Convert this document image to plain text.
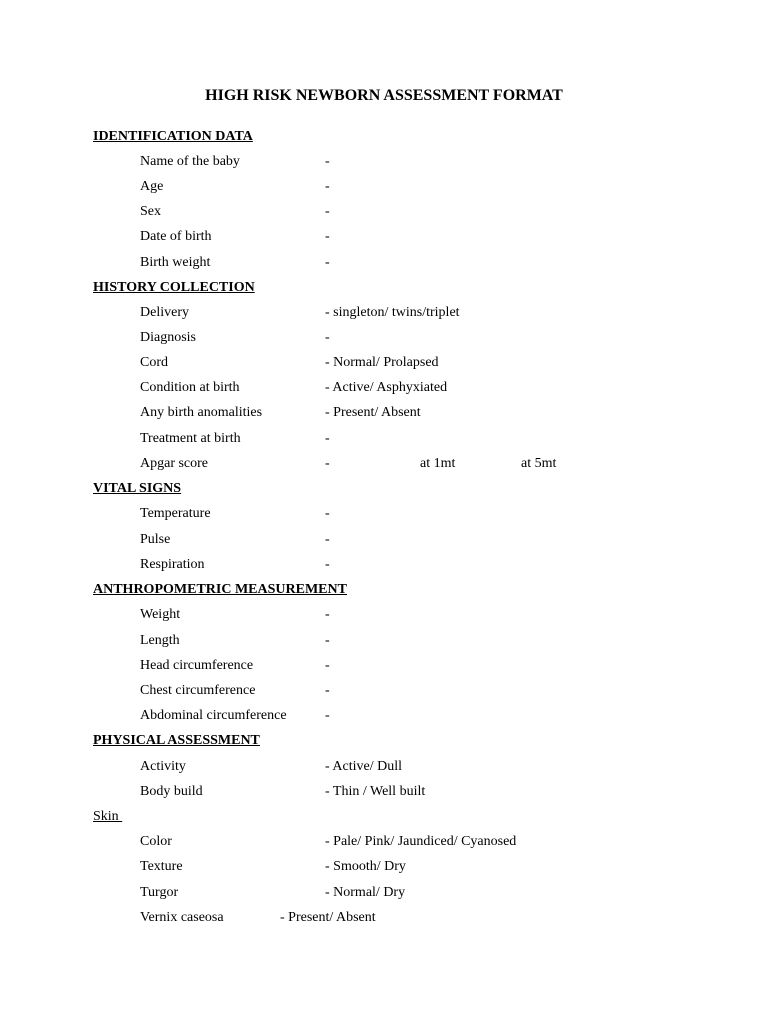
HIGH RISK NEWBORN ASSESSMENT FORMAT
IDENTIFICATION DATA
Name of the baby	-
Age	-
Sex	-
Date of birth	-
Birth weight	-
HISTORY COLLECTION
Delivery	- singleton/ twins/triplet
Diagnosis	-
Cord	- Normal/ Prolapsed
Condition at birth	- Active/ Asphyxiated
Any birth anomalities	- Present/ Absent
Treatment at birth	-
Apgar score	-	at 1mt	at 5mt
VITAL SIGNS
Temperature	-
Pulse	-
Respiration	-
ANTHROPOMETRIC MEASUREMENT
Weight	-
Length	-
Head circumference	-
Chest circumference	-
Abdominal circumference	-
PHYSICAL ASSESSMENT
Activity	- Active/ Dull
Body build	- Thin / Well built
Skin
Color	- Pale/ Pink/ Jaundiced/ Cyanosed
Texture	- Smooth/ Dry
Turgor	- Normal/ Dry
Vernix caseosa	- Present/ Absent
